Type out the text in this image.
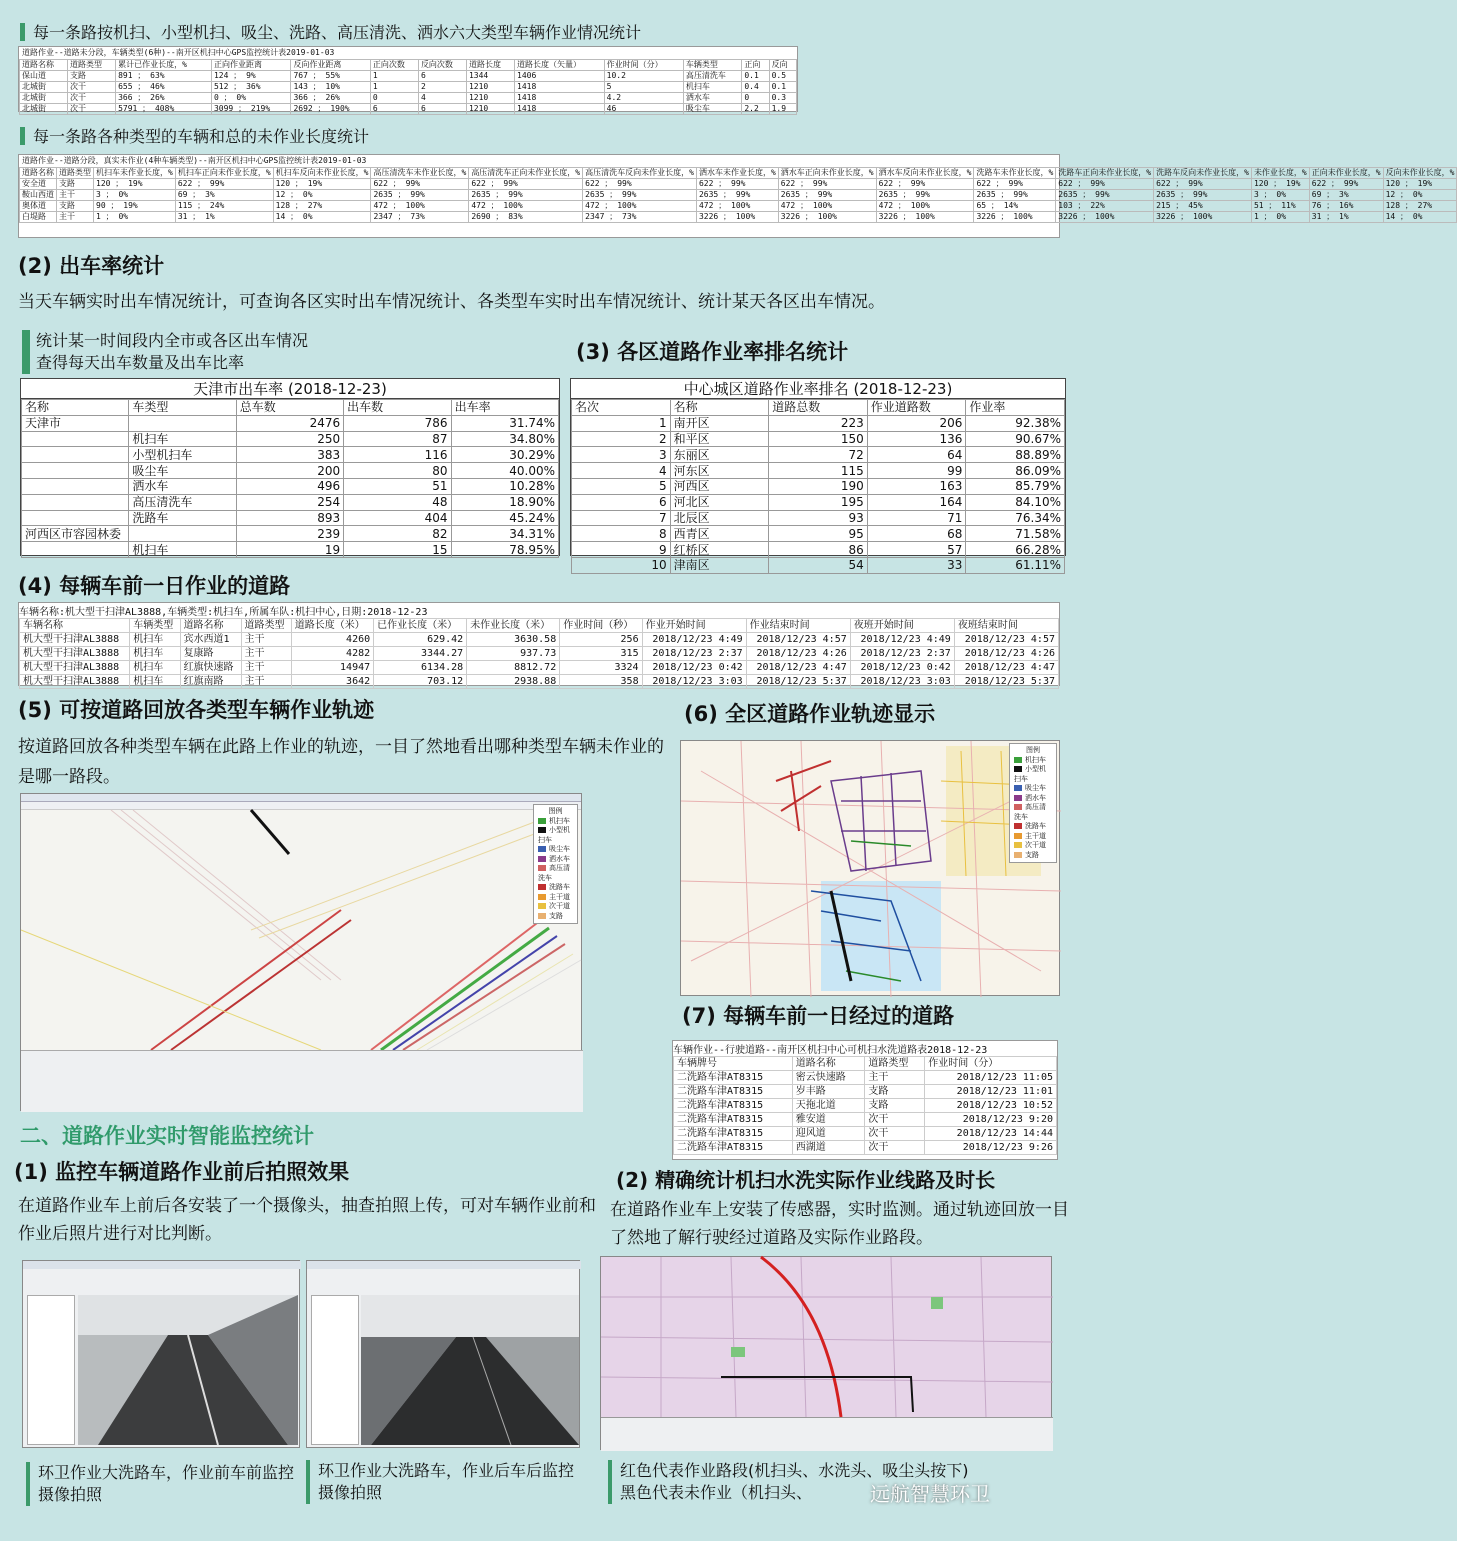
每一条路按机扫、小型机扫、吸尘、洗路、高压清洗、洒水六大类型车辆作业情况统计
道路作业--道路未分段，车辆类型(6种)--南开区机扫中心GPS监控统计表2019-01-03
道路名称	道路类型	累计已作业长度，%	正向作业距离	反向作业距离	正向次数	反向次数	道路长度	道路长度（矢量）	作业时间（分）	车辆类型	正向	反向
保山道	支路	891 ； 63%	124 ； 9%	767 ； 55%	1	6	1344	1406	10.2	高压清洗车	0.1	0.5
北城街	次干	655 ； 46%	512 ； 36%	143 ； 10%	1	2	1210	1418	5	机扫车	0.4	0.1
北城街	次干	366 ； 26%	0 ； 0%	366 ； 26%	0	4	1210	1418	4.2	洒水车	0	0.3
北城街	次干	5791 ； 408%	3099 ； 219%	2692 ； 190%	6	6	1210	1418	46	吸尘车	2.2	1.9
每一条路各种类型的车辆和总的未作业长度统计
道路作业--道路分段，真实未作业(4种车辆类型)--南开区机扫中心GPS监控统计表2019-01-03
道路名称	道路类型	机扫车未作业长度，%	机扫车正向未作业长度，%	机扫车反向未作业长度，%	高压清洗车未作业长度，%	高压清洗车正向未作业长度，%	高压清洗车反向未作业长度，%	洒水车未作业长度，%	洒水车正向未作业长度，%	洒水车反向未作业长度，%	洗路车未作业长度，%	洗路车正向未作业长度，%	洗路车反向未作业长度，%	未作业长度，%	正向未作业长度，%	反向未作业长度，%
安全道	支路	120 ； 19%	622 ； 99%	120 ； 19%	622 ； 99%	622 ； 99%	622 ； 99%	622 ； 99%	622 ； 99%	622 ； 99%	622 ； 99%	622 ； 99%	622 ； 99%	120 ； 19%	622 ； 99%	120 ； 19%
鞍山西道	主干	3 ； 0%	69 ； 3%	12 ； 0%	2635 ； 99%	2635 ； 99%	2635 ； 99%	2635 ； 99%	2635 ； 99%	2635 ； 99%	2635 ； 99%	2635 ； 99%	2635 ； 99%	3 ； 0%	69 ； 3%	12 ； 0%
奥体道	支路	90 ； 19%	115 ； 24%	128 ； 27%	472 ； 100%	472 ； 100%	472 ； 100%	472 ； 100%	472 ； 100%	472 ； 100%	65 ； 14%	103 ； 22%	215 ； 45%	51 ； 11%	76 ； 16%	128 ； 27%
白堤路	主干	1 ； 0%	31 ； 1%	14 ； 0%	2347 ； 73%	2690 ； 83%	2347 ； 73%	3226 ； 100%	3226 ； 100%	3226 ； 100%	3226 ； 100%	3226 ； 100%	3226 ； 100%	1 ； 0%	31 ； 1%	14 ； 0%
(2) 出车率统计
当天车辆实时出车情况统计，可查询各区实时出车情况统计、各类型车实时出车情况统计、统计某天各区出车情况。
统计某一时间段内全市或各区出车情况
查得每天出车数量及出车比率	(3) 各区道路作业率排名统计
天津市出车率 (2018-12-23)
名称	车类型	总车数	出车数	出车率
天津市		2476	786	31.74%
	机扫车	250	87	34.80%
	小型机扫车	383	116	30.29%
	吸尘车	200	80	40.00%
	洒水车	496	51	10.28%
	高压清洗车	254	48	18.90%
	洗路车	893	404	45.24%
河西区市容园林委		239	82	34.31%
	机扫车	19	15	78.95%
中心城区道路作业率排名 (2018-12-23)
名次	名称	道路总数	作业道路数	作业率
1	南开区	223	206	92.38%
2	和平区	150	136	90.67%
3	东丽区	72	64	88.89%
4	河东区	115	99	86.09%
5	河西区	190	163	85.79%
6	河北区	195	164	84.10%
7	北辰区	93	71	76.34%
8	西青区	95	68	71.58%
9	红桥区	86	57	66.28%
10	津南区	54	33	61.11%
(4) 每辆车前一日作业的道路
车辆名称:机大型干扫津AL3888,车辆类型:机扫车,所属车队:机扫中心,日期:2018-12-23
车辆名称	车辆类型	道路名称	道路类型	道路长度（米）	已作业长度（米）	未作业长度（米）	作业时间（秒）	作业开始时间	作业结束时间	夜班开始时间	夜班结束时间
机大型干扫津AL3888	机扫车	宾水西道1	主干	4260	629.42	3630.58	256	2018/12/23 4:49	2018/12/23 4:57	2018/12/23 4:49	2018/12/23 4:57
机大型干扫津AL3888	机扫车	复康路	主干	4282	3344.27	937.73	315	2018/12/23 2:37	2018/12/23 4:26	2018/12/23 2:37	2018/12/23 4:26
机大型干扫津AL3888	机扫车	红旗快速路	主干	14947	6134.28	8812.72	3324	2018/12/23 0:42	2018/12/23 4:47	2018/12/23 0:42	2018/12/23 4:47
机大型干扫津AL3888	机扫车	红旗南路	主干	3642	703.12	2938.88	358	2018/12/23 3:03	2018/12/23 5:37	2018/12/23 3:03	2018/12/23 5:37
(5) 可按道路回放各类型车辆作业轨迹
按道路回放各种类型车辆在此路上作业的轨迹，一目了然地看出哪种类型车辆未作业的是哪一路段。
(6) 全区道路作业轨迹显示
图例
机扫车
小型机扫车
吸尘车
洒水车
高压清洗车
洗路车
主干道
次干道
支路
图例
机扫车
小型机扫车
吸尘车
洒水车
高压清洗车
洗路车
主干道
次干道
支路
(7) 每辆车前一日经过的道路
车辆作业--行驶道路--南开区机扫中心可机扫水洗道路表2018-12-23
车辆牌号	道路名称	道路类型	作业时间（分）
二洗路车津AT8315	密云快速路	主干	2018/12/23 11:05
二洗路车津AT8315	岁丰路	支路	2018/12/23 11:01
二洗路车津AT8315	天拖北道	支路	2018/12/23 10:52
二洗路车津AT8315	雅安道	次干	2018/12/23 9:20
二洗路车津AT8315	迎风道	次干	2018/12/23 14:44
二洗路车津AT8315	西湖道	次干	2018/12/23 9:26
二、道路作业实时智能监控统计
(1) 监控车辆道路作业前后拍照效果
在道路作业车上前后各安装了一个摄像头，抽查拍照上传，可对车辆作业前和作业后照片进行对比判断。
(2) 精确统计机扫水洗实际作业线路及时长
在道路作业车上安装了传感器，实时监测。通过轨迹回放一目了然地了解行驶经过道路及实际作业路段。
环卫作业大洗路车，作业前车前监控摄像拍照
环卫作业大洗路车，作业后车后监控摄像拍照
红色代表作业路段(机扫头、水洗头、吸尘头按下)
黑色代表未作业（机扫头、	远航智慧环卫
